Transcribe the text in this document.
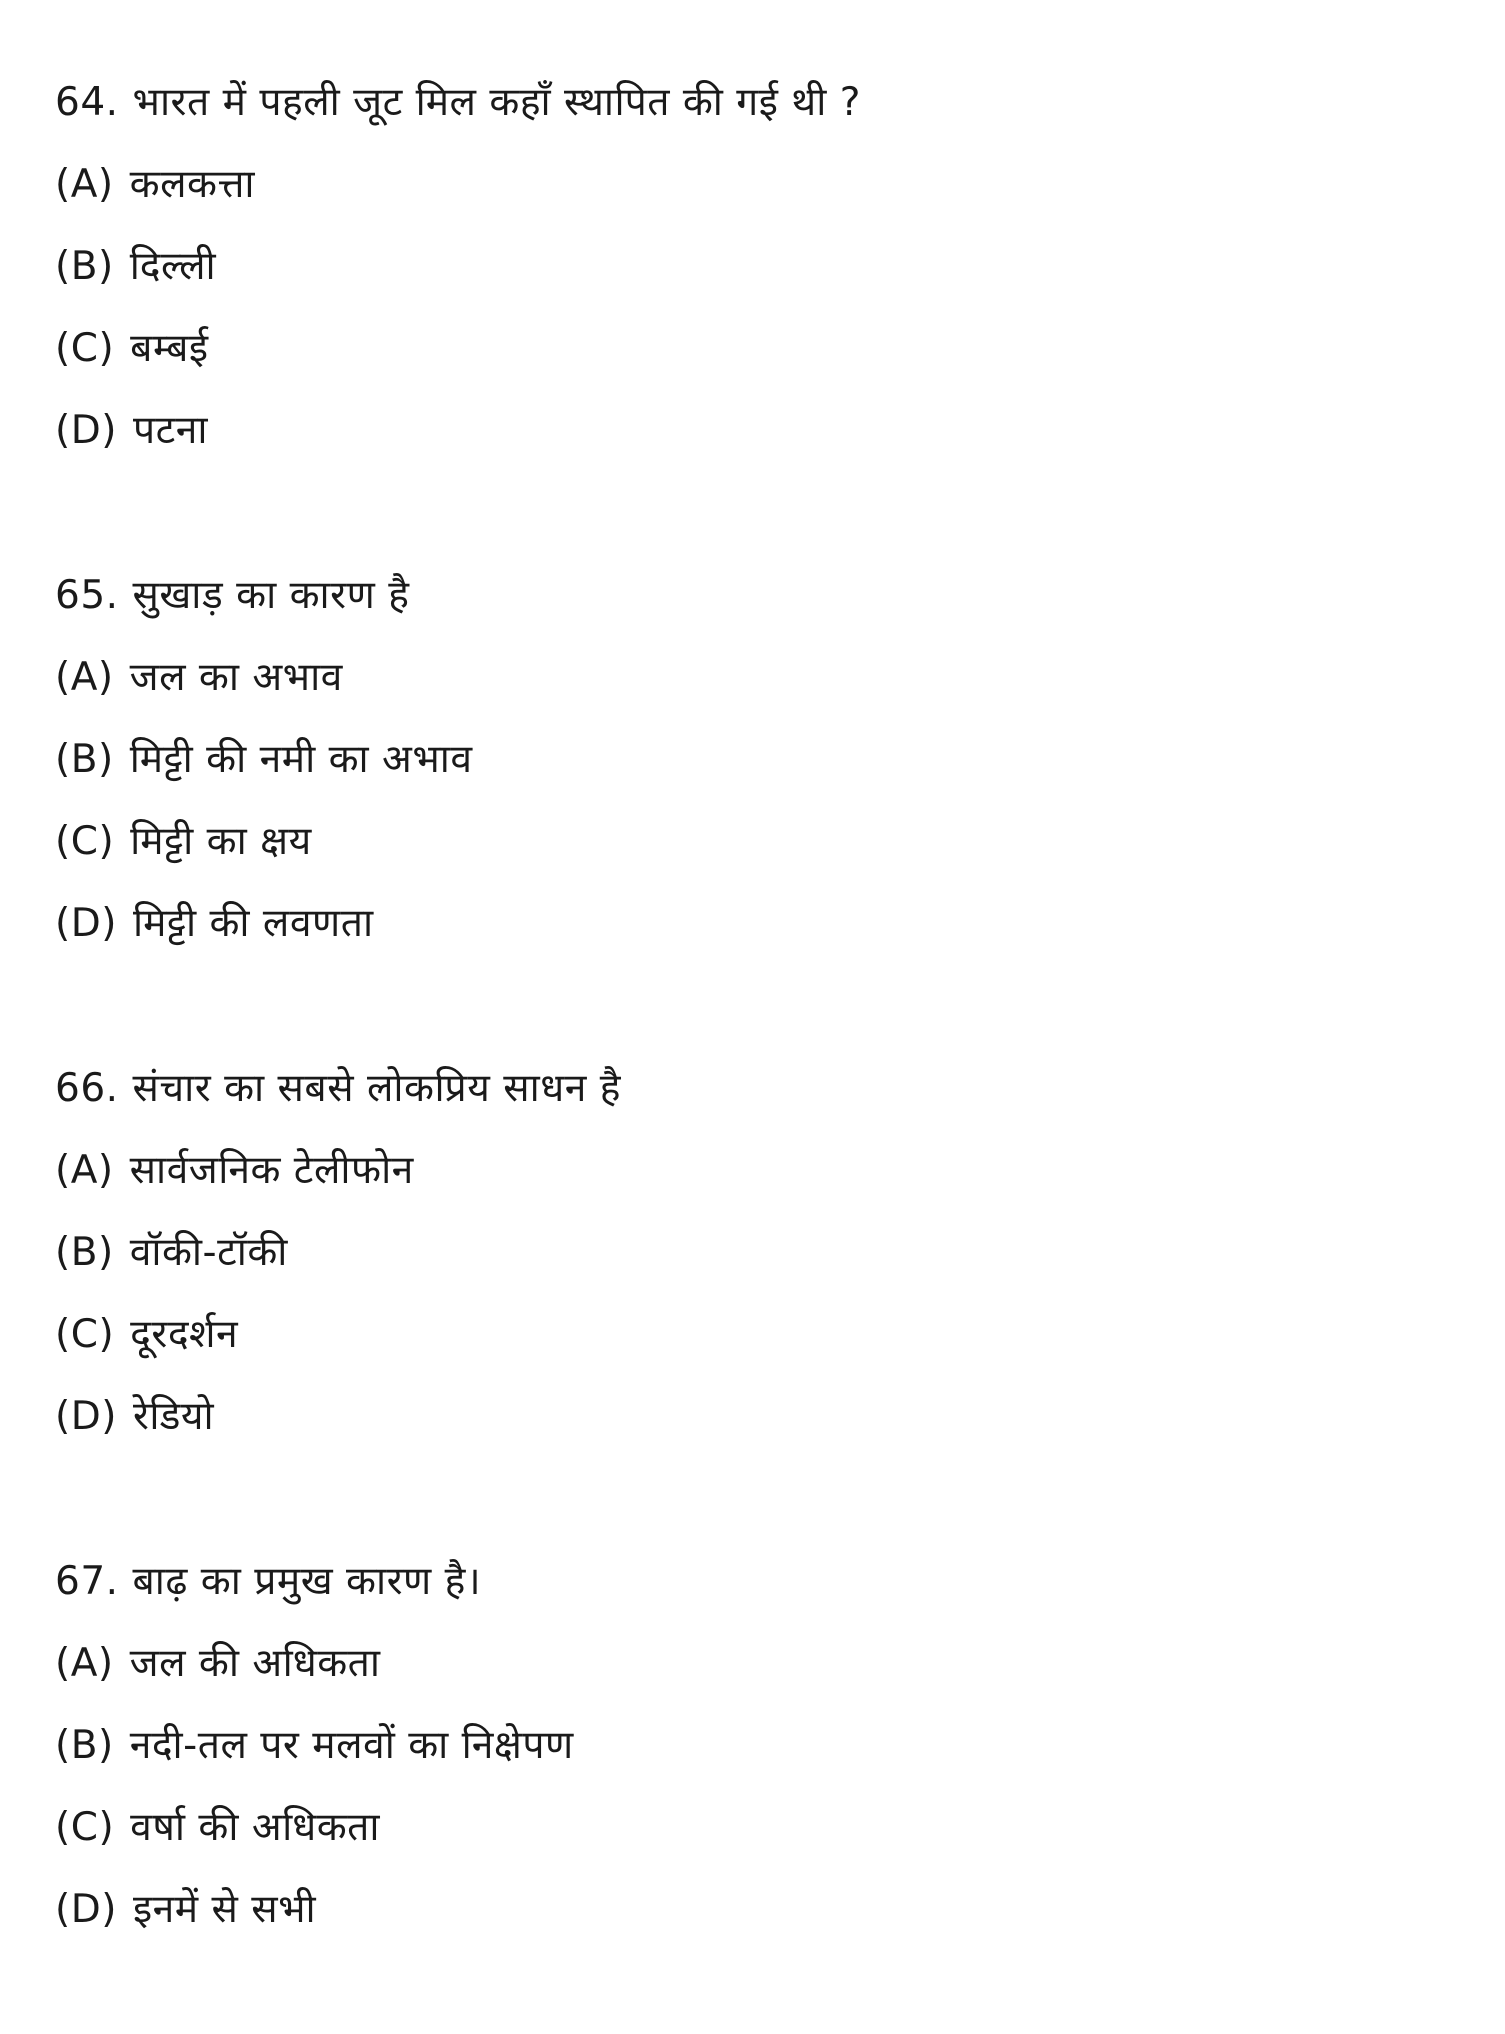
64. भारत में पहली जूट मिल कहाँ स्थापित की गई थी ?
(A) कलकत्ता
(B) दिल्ली
(C) बम्बई
(D) पटना
65. सुखाड़ का कारण है
(A) जल का अभाव
(B) मिट्टी की नमी का अभाव
(C) मिट्टी का क्षय
(D) मिट्टी की लवणता
66. संचार का सबसे लोकप्रिय साधन है
(A) सार्वजनिक टेलीफोन
(B) वॉकी-टॉकी
(C) दूरदर्शन
(D) रेडियो
67. बाढ़ का प्रमुख कारण है।
(A) जल की अधिकता
(B) नदी-तल पर मलवों का निक्षेपण
(C) वर्षा की अधिकता
(D) इनमें से सभी
